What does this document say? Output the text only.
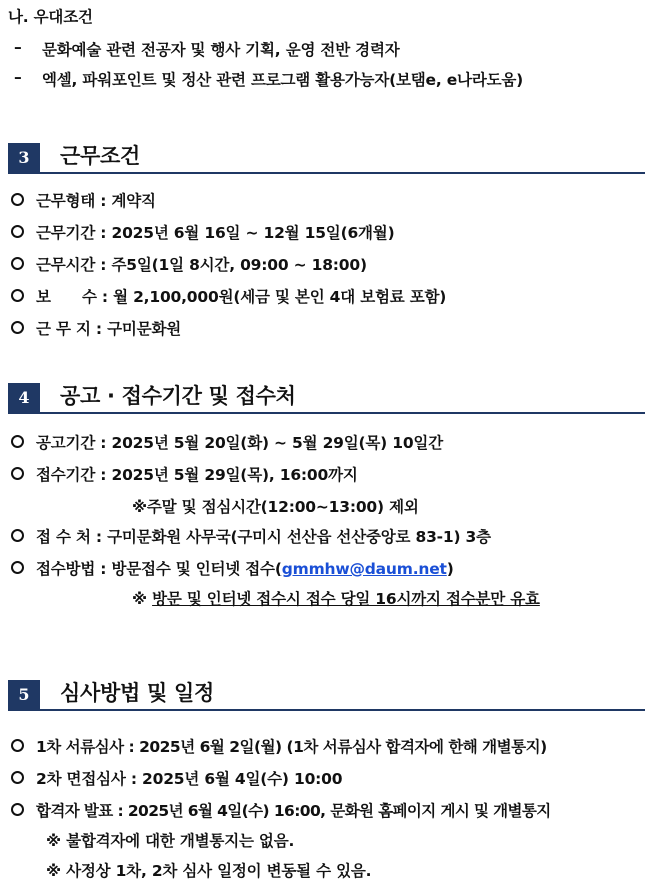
나. 우대조건
– 문화예술 관련 전공자 및 행사 기획, 운영 전반 경력자
– 엑셀, 파워포인트 및 정산 관련 프로그램 활용가능자(보탬e, e나라도움)
3	근무조건
근무형태 : 계약직
근무기간 : 2025년 6월 16일 ~ 12월 15일(6개월)
근무시간 : 주5일(1일 8시간, 09:00 ~ 18:00)
보      수 : 월 2,100,000원(세금 및 본인 4대 보험료 포함)
근 무 지 : 구미문화원
4	공고 · 접수기간 및 접수처
공고기간 : 2025년 5월 20일(화) ~ 5월 29일(목) 10일간
접수기간 : 2025년 5월 29일(목), 16:00까지
※주말 및 점심시간(12:00~13:00) 제외
접 수 처 : 구미문화원 사무국(구미시 선산읍 선산중앙로 83-1) 3층
접수방법 : 방문접수 및 인터넷 접수(gmmhw@daum.net)
※ 방문 및 인터넷 접수시 접수 당일 16시까지 접수분만 유효
5	심사방법 및 일정
1차 서류심사 : 2025년 6월 2일(월) (1차 서류심사 합격자에 한해 개별통지)
2차 면접심사 : 2025년 6월 4일(수) 10:00
합격자 발표 : 2025년 6월 4일(수) 16:00, 문화원 홈페이지 게시 및 개별통지
※ 불합격자에 대한 개별통지는 없음.
※ 사정상 1차, 2차 심사 일정이 변동될 수 있음.
